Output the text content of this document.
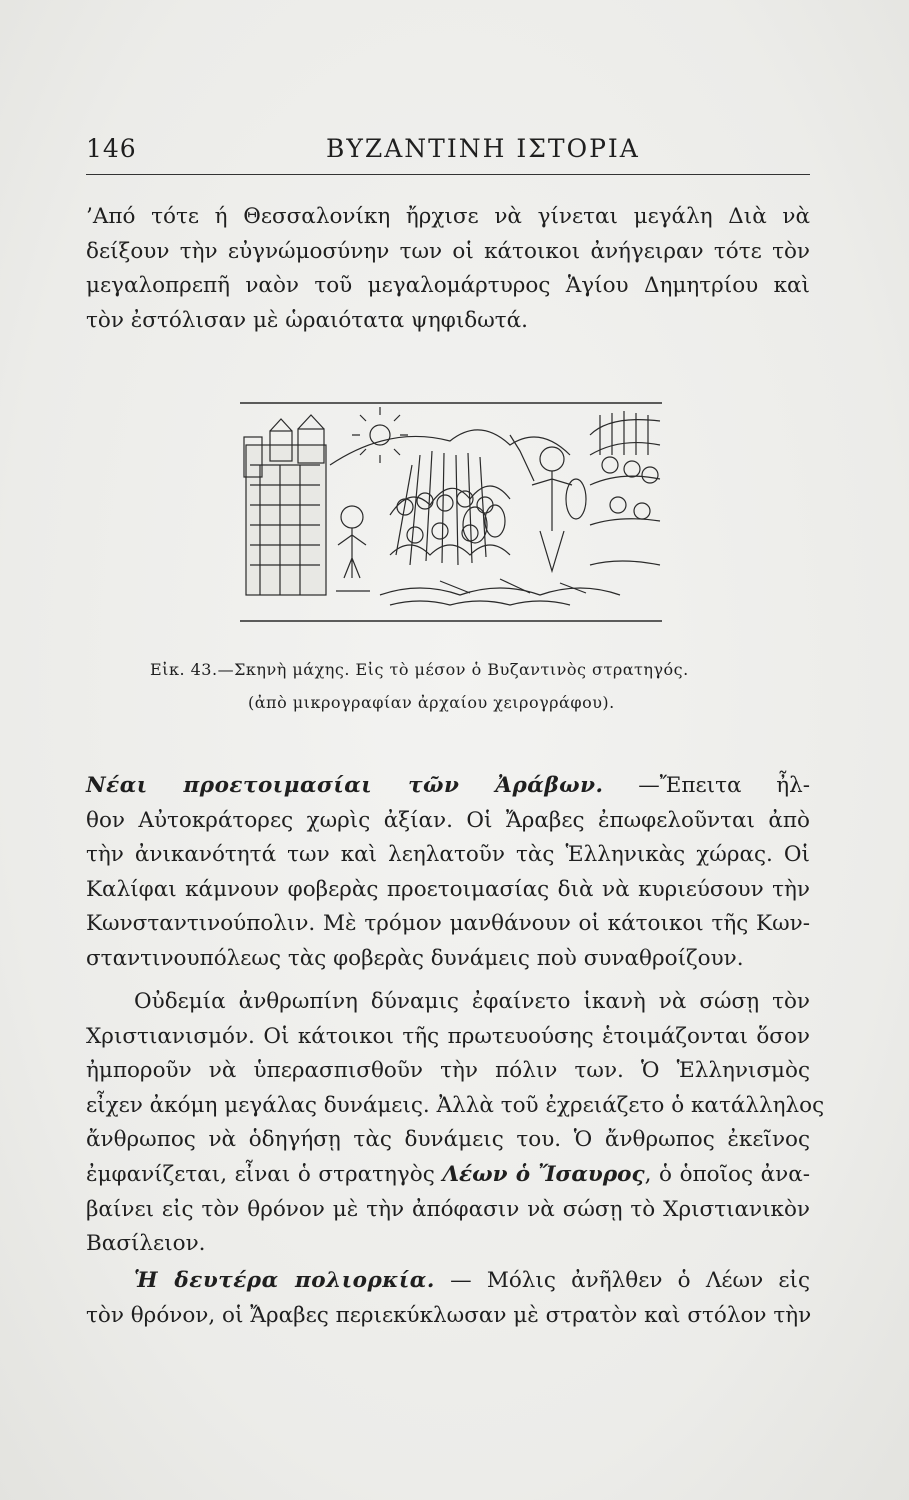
146	ΒΥΖΑΝΤΙΝΗ ΙΣΤΟΡΙΑ

’Από τότε ή Θεσσαλονίκη ἤρχισε νὰ γίνεται μεγάλη Διὰ νὰ
δείξουν τὴν εὐγνώμοσύνην των οἱ κάτοικοι ἀνήγειραν τότε τὸν
μεγαλοπρεπῆ ναὸν τοῦ μεγαλομάρτυρος Ἁγίου Δημητρίου καὶ
τὸν ἐστόλισαν μὲ ὡραιότατα ψηφιδωτά.

Εἰκ. 43.—Σκηνὴ μάχης. Εἰς τὸ μέσον ὁ Βυζαντινὸς στρατηγός.
(ἀπὸ μικρογραφίαν ἀρχαίου χειρογράφου).

Νέαι προετοιμασίαι τῶν Ἀράβων. —Ἔπειτα ἦλ-
θον Αὐτοκράτορες χωρὶς ἀξίαν. Οἱ Ἄραβες ἐπωφελοῦνται ἀπὸ
τὴν ἀνικανότητά των καὶ λεηλατοῦν τὰς Ἑλληνικὰς χώρας. Οἱ
Καλίφαι κάμνουν φοβερὰς προετοιμασίας διὰ νὰ κυριεύσουν τὴν
Κωνσταντινούπολιν. Μὲ τρόμον μανθάνουν οἱ κάτοικοι τῆς Κων-
σταντινουπόλεως τὰς φοβερὰς δυνάμεις ποὺ συναθροίζουν.

Οὐδεμία ἀνθρωπίνη δύναμις ἐφαίνετο ἱκανὴ νὰ σώσῃ τὸν
Χριστιανισμόν. Οἱ κάτοικοι τῆς πρωτευούσης ἑτοιμάζονται ὅσον
ἠμποροῦν νὰ ὑπερασπισθοῦν τὴν πόλιν των. Ὁ Ἑλληνισμὸς
εἶχεν ἀκόμη μεγάλας δυνάμεις. Ἀλλὰ τοῦ ἐχρειάζετο ὁ κατάλληλος
ἄνθρωπος νὰ ὁδηγήσῃ τὰς δυνάμεις του. Ὁ ἄνθρωπος ἐκεῖνος
ἐμφανίζεται, εἶναι ὁ στρατηγὸς Λέων ὁ Ἴσαυρος, ὁ ὁποῖος ἀνα-
βαίνει εἰς τὸν θρόνον μὲ τὴν ἀπόφασιν νὰ σώσῃ τὸ Χριστιανικὸν
Βασίλειον.

Ἡ δευτέρα πολιορκία. — Μόλις ἀνῆλθεν ὁ Λέων εἰς
τὸν θρόνον, οἱ Ἄραβες περιεκύκλωσαν μὲ στρατὸν καὶ στόλον τὴν
